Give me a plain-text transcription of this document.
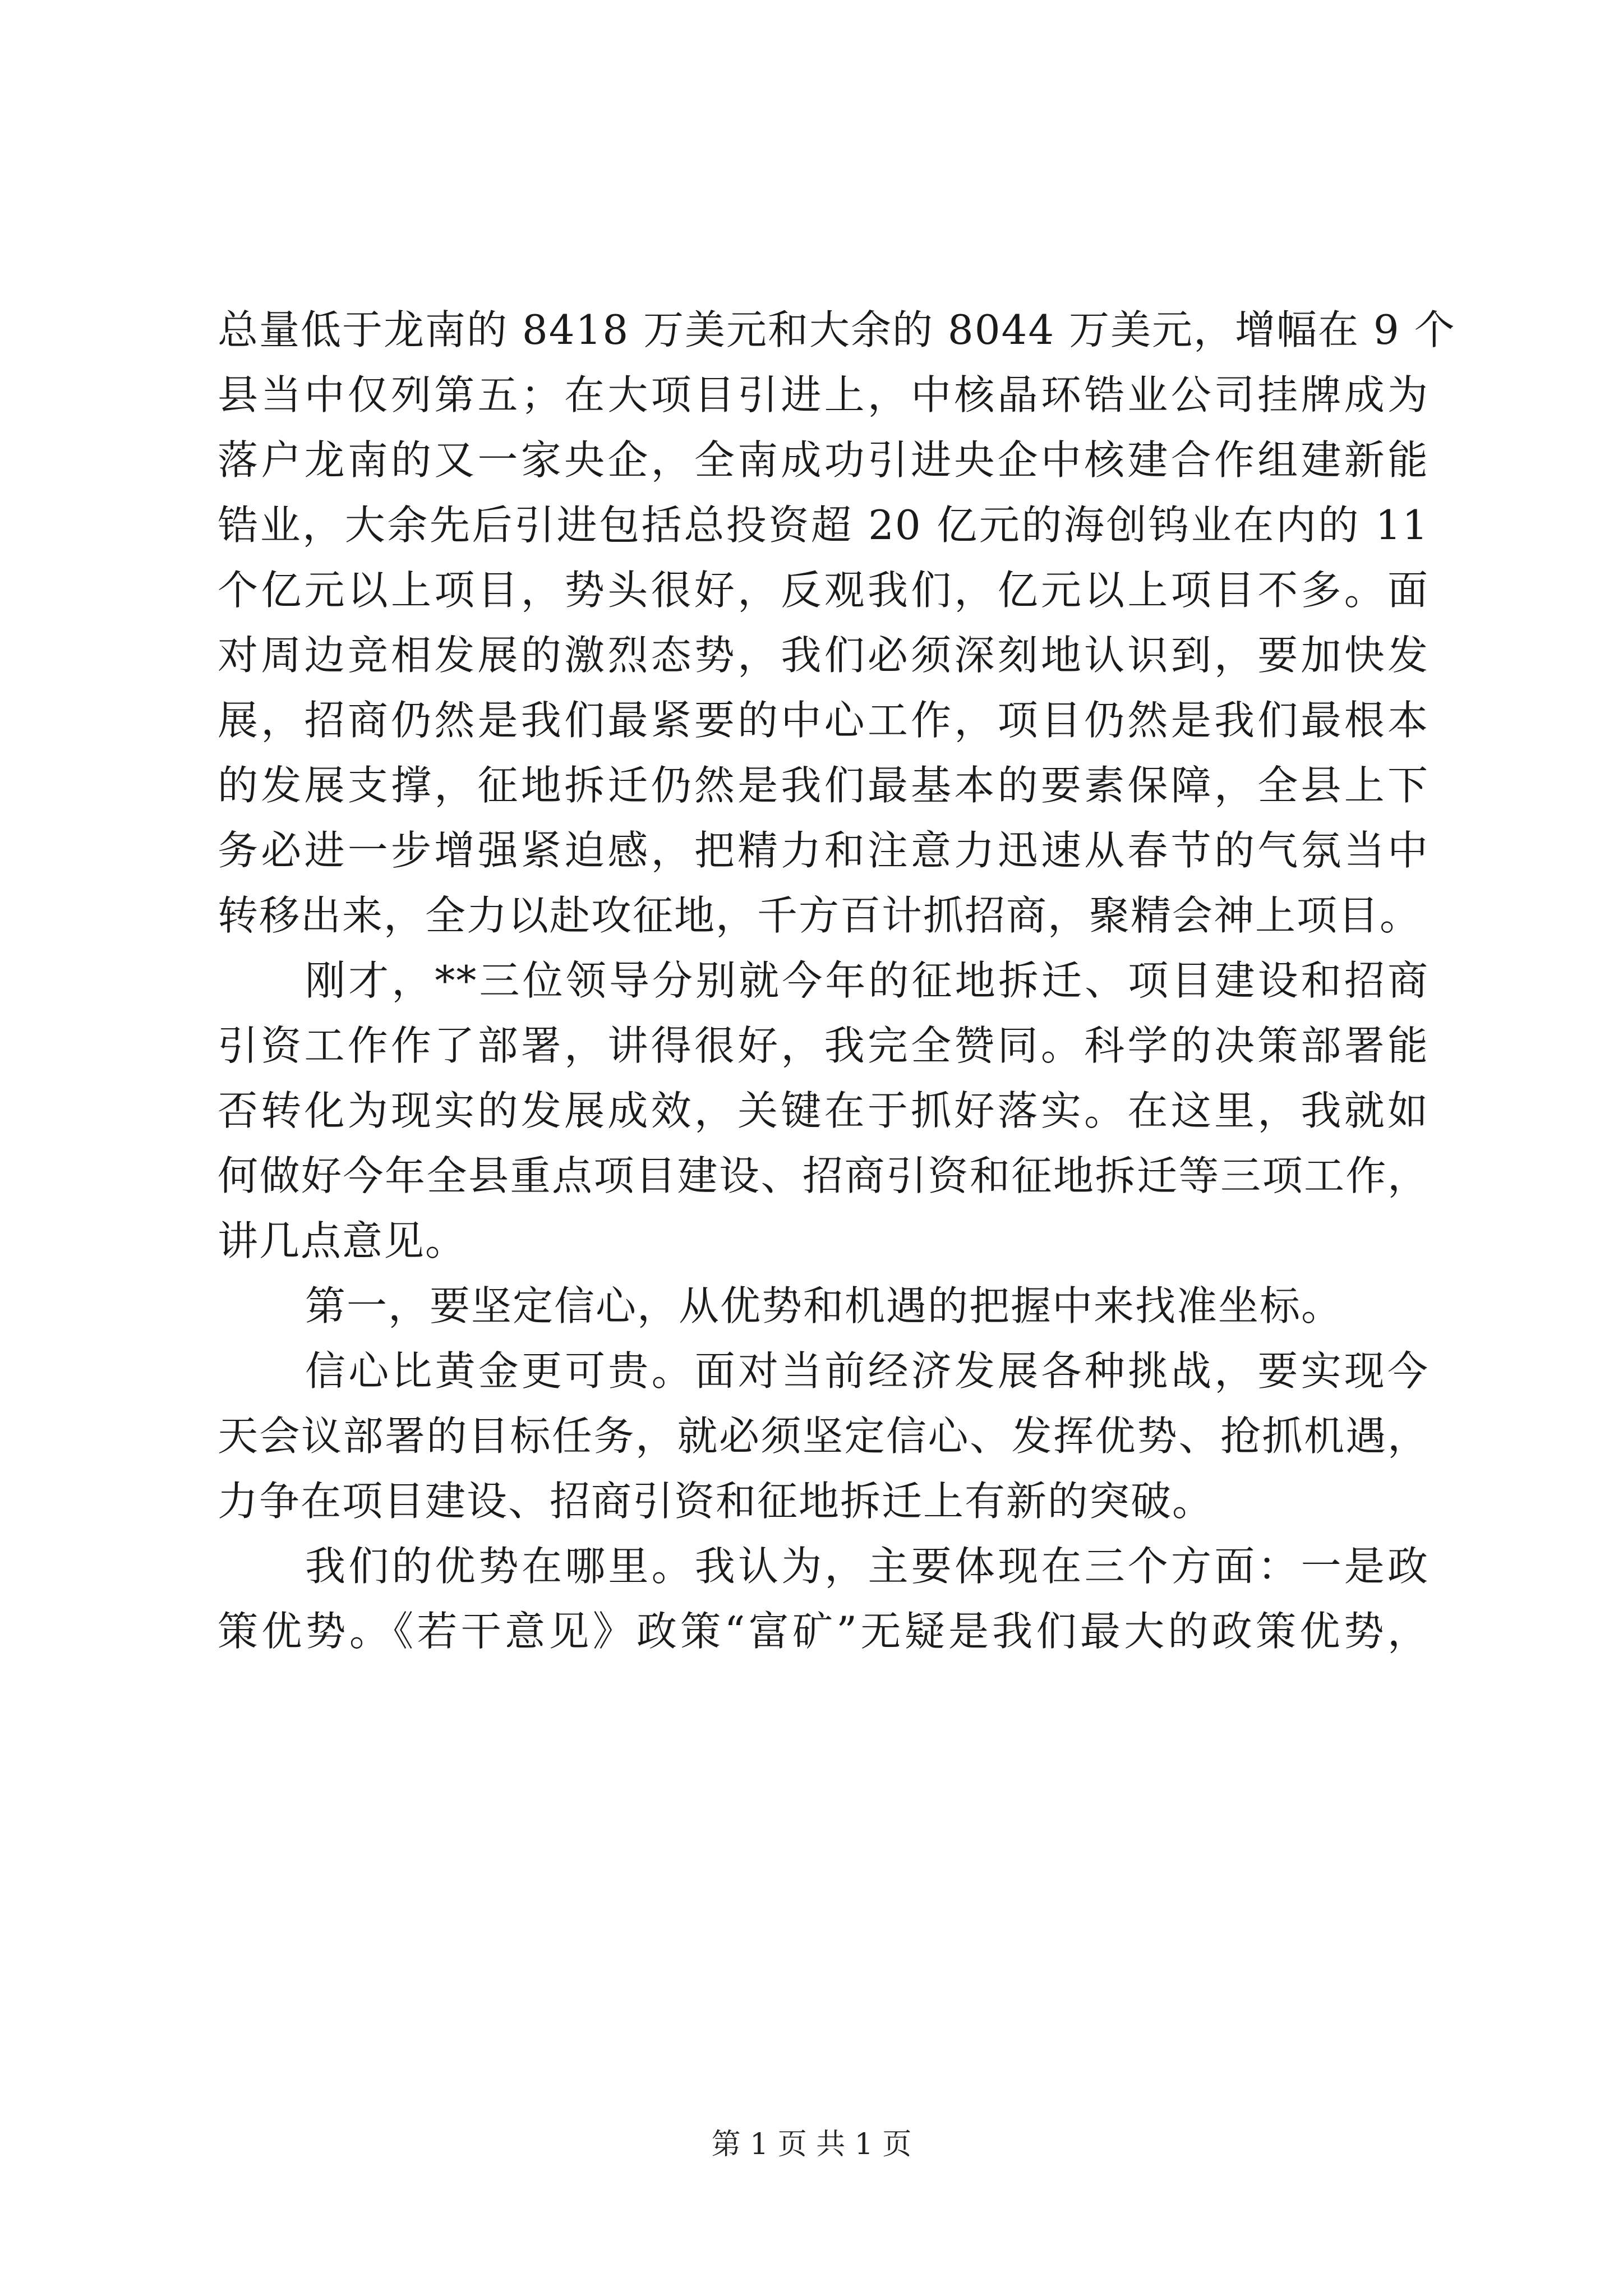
总量低于龙南的 8418 万美元和大余的 8044 万美元，增幅在 9 个
县当中仅列第五；在大项目引进上，中核晶环锆业公司挂牌成为
落户龙南的又一家央企，全南成功引进央企中核建合作组建新能
锆业，大余先后引进包括总投资超 20 亿元的海创钨业在内的 11
个亿元以上项目，势头很好，反观我们，亿元以上项目不多。面
对周边竞相发展的激烈态势，我们必须深刻地认识到，要加快发
展，招商仍然是我们最紧要的中心工作，项目仍然是我们最根本
的发展支撑，征地拆迁仍然是我们最基本的要素保障，全县上下
务必进一步增强紧迫感，把精力和注意力迅速从春节的气氛当中
转移出来，全力以赴攻征地，千方百计抓招商，聚精会神上项目。
刚才，**三位领导分别就今年的征地拆迁、项目建设和招商
引资工作作了部署，讲得很好，我完全赞同。科学的决策部署能
否转化为现实的发展成效，关键在于抓好落实。在这里，我就如
何做好今年全县重点项目建设、招商引资和征地拆迁等三项工作，
讲几点意见。
第一，要坚定信心，从优势和机遇的把握中来找准坐标。
信心比黄金更可贵。面对当前经济发展各种挑战，要实现今
天会议部署的目标任务，就必须坚定信心、发挥优势、抢抓机遇，
力争在项目建设、招商引资和征地拆迁上有新的突破。
我们的优势在哪里。我认为，主要体现在三个方面：一是政
策优势。《若干意见》政策“富矿”无疑是我们最大的政策优势，
第 1 页 共 1 页
